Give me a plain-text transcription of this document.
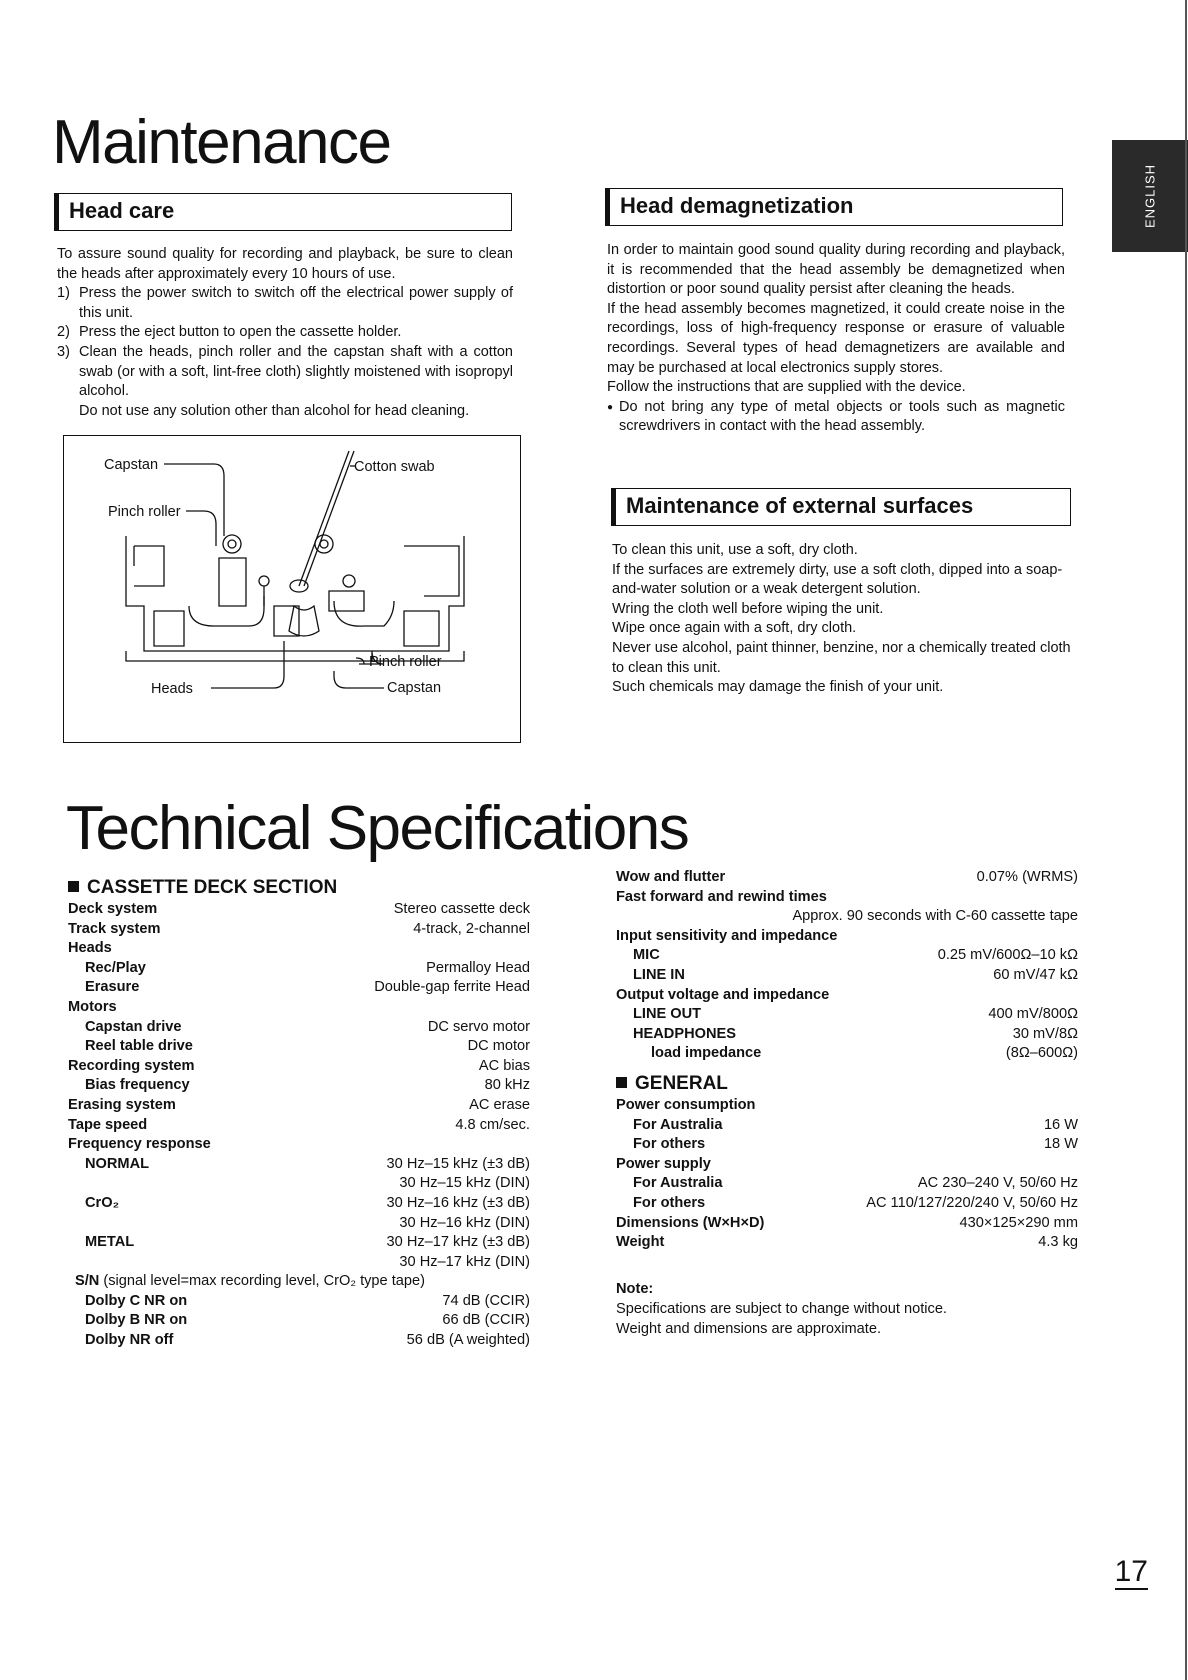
Maintenance
Head care

To assure sound quality for recording and playback, be sure to clean the heads after approximately every 10 hours of use.

1) Press the power switch to switch off the electrical power supply of this unit.
2) Press the eject button to open the cassette holder.
3) Clean the heads, pinch roller and the capstan shaft with a cotton swab (or with a soft, lint-free cloth) slightly moistened with isopropyl alcohol.

Do not use any solution other than alcohol for head cleaning.

Capstan
Pinch roller
Cotton swab
Pinch roller
Heads	Capstan
Head demagnetization

In order to maintain good sound quality during recording and playback, it is recommended that the head assembly be demagnetized when distortion or poor sound quality persist after cleaning the heads.

If the head assembly becomes magnetized, it could create noise in the recordings, loss of high-frequency response or erasure of valuable recordings. Several types of head demagnetizers are available and may be purchased at local electronics supply stores.

Follow the instructions that are supplied with the device.

● Do not bring any type of metal objects or tools such as magnetic screwdrivers in contact with the head assembly.

Maintenance of external surfaces

To clean this unit, use a soft, dry cloth.

If the surfaces are extremely dirty, use a soft cloth, dipped into a soap-and-water solution or a weak detergent solution.

Wring the cloth well before wiping the unit.

Wipe once again with a soft, dry cloth.

Never use alcohol, paint thinner, benzine, nor a chemically treated cloth to clean this unit.

Such chemicals may damage the finish of your unit.

Technical Specifications
CASSETTE DECK SECTION
Deck system	Stereo cassette deck
Track system	4-track, 2-channel
Heads
Rec/Play	Permalloy Head
Erasure	Double-gap ferrite Head
Motors
Capstan drive	DC servo motor
Reel table drive	DC motor
Recording system	AC bias
Bias frequency	80 kHz
Erasing system	AC erase
Tape speed	4.8 cm/sec.
Frequency response
NORMAL	30 Hz–15 kHz (±3 dB)
30 Hz–15 kHz (DIN)
CrO₂	30 Hz–16 kHz (±3 dB)
30 Hz–16 kHz (DIN)
METAL	30 Hz–17 kHz (±3 dB)
30 Hz–17 kHz (DIN)
S/N (signal level=max recording level, CrO₂ type tape)
Dolby C NR on	74 dB (CCIR)
Dolby B NR on	66 dB (CCIR)
Dolby NR off	56 dB (A weighted)
Wow and flutter	0.07% (WRMS)
Fast forward and rewind times
Approx. 90 seconds with C-60 cassette tape
Input sensitivity and impedance
MIC	0.25 mV/600Ω–10 kΩ
LINE IN	60 mV/47 kΩ
Output voltage and impedance
LINE OUT	400 mV/800Ω
HEADPHONES	30 mV/8Ω
load impedance	(8Ω–600Ω)
GENERAL
Power consumption
For Australia	16 W
For others	18 W
Power supply
For Australia	AC 230–240 V, 50/60 Hz
For others	AC 110/127/220/240 V, 50/60 Hz
Dimensions (W×H×D)	430×125×290 mm
Weight	4.3 kg
Note:
Specifications are subject to change without notice.
Weight and dimensions are approximate.
ENGLISH
17
